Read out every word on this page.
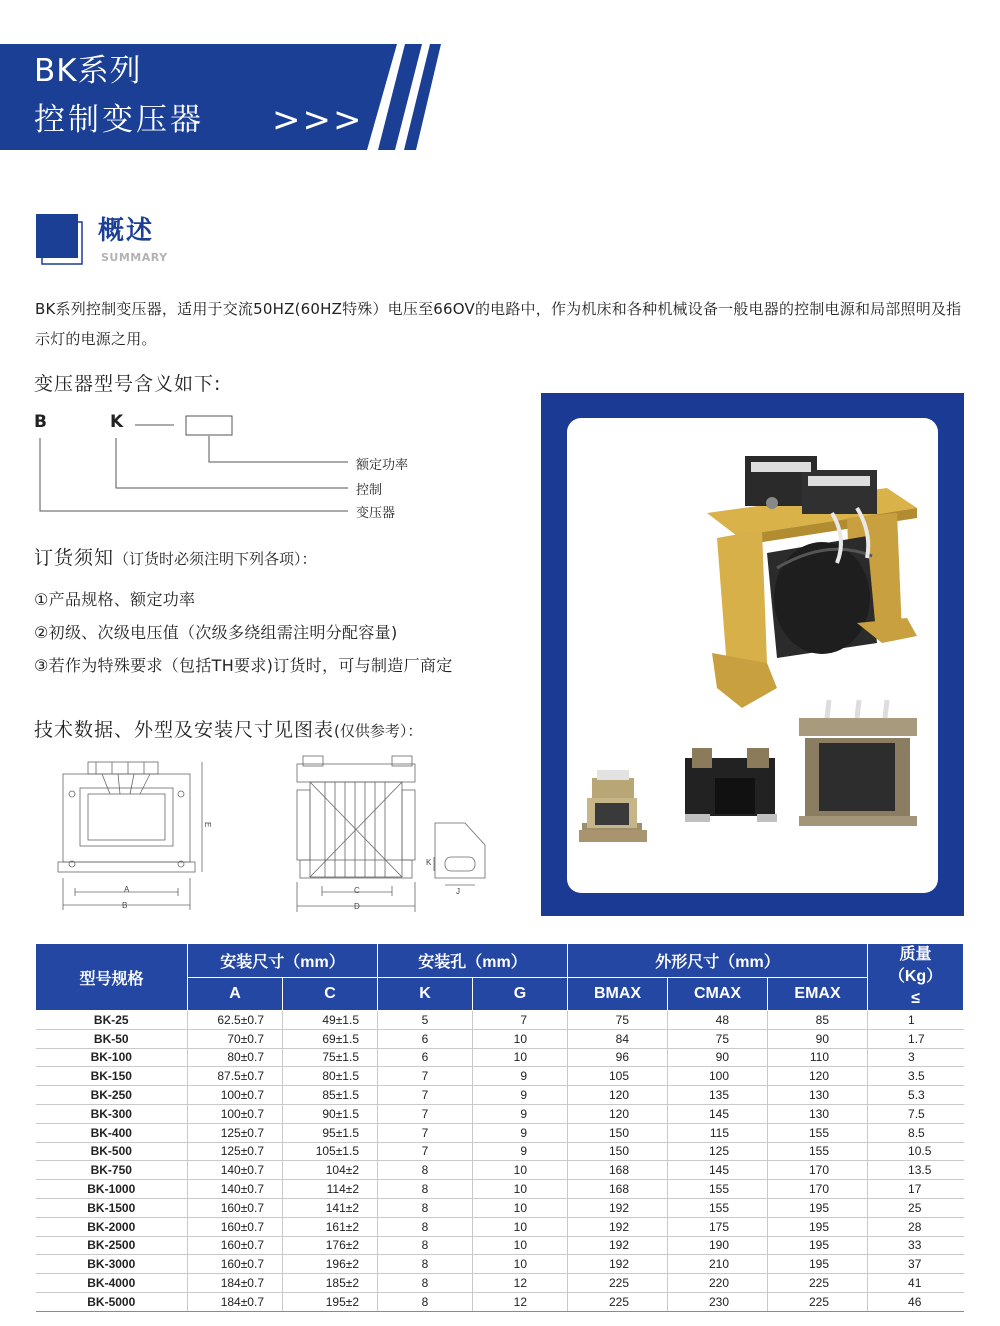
BK系列
控制变压器 >>>
概述
SUMMARY
BK系列控制变压器，适用于交流50HZ(60HZ特殊）电压至66OV的电路中，作为机床和各种机械设备一般电器的控制电源和局部照明及指示灯的电源之用。
变压器型号含义如下:
B	K
额定功率
控制
变压器
订货须知（订货时必须注明下列各项）：
①产品规格、额定功率
②初级、次级电压值（次级多绕组需注明分配容量)
③若作为特殊要求（包括TH要求)订货时，可与制造厂商定
技术数据、外型及安装尺寸见图表(仅供参考）：
A
B
E
C
D
K
J
型号规格	安装尺寸（mm）		安装孔（mm）		外形尺寸（mm）			质量（Kg）≤
	A	C	K	G	BMAX	CMAX	EMAX	
BK-25	62.5±0.7	49±1.5	5	7	75	48	85	1
BK-50	70±0.7	69±1.5	6	10	84	75	90	1.7
BK-100	80±0.7	75±1.5	6	10	96	90	110	3
BK-150	87.5±0.7	80±1.5	7	9	105	100	120	3.5
BK-250	100±0.7	85±1.5	7	9	120	135	130	5.3
BK-300	100±0.7	90±1.5	7	9	120	145	130	7.5
BK-400	125±0.7	95±1.5	7	9	150	115	155	8.5
BK-500	125±0.7	105±1.5	7	9	150	125	155	10.5
BK-750	140±0.7	104±2	8	10	168	145	170	13.5
BK-1000	140±0.7	114±2	8	10	168	155	170	17
BK-1500	160±0.7	141±2	8	10	192	155	195	25
BK-2000	160±0.7	161±2	8	10	192	175	195	28
BK-2500	160±0.7	176±2	8	10	192	190	195	33
BK-3000	160±0.7	196±2	8	10	192	210	195	37
BK-4000	184±0.7	185±2	8	12	225	220	225	41
BK-5000	184±0.7	195±2	8	12	225	230	225	46
